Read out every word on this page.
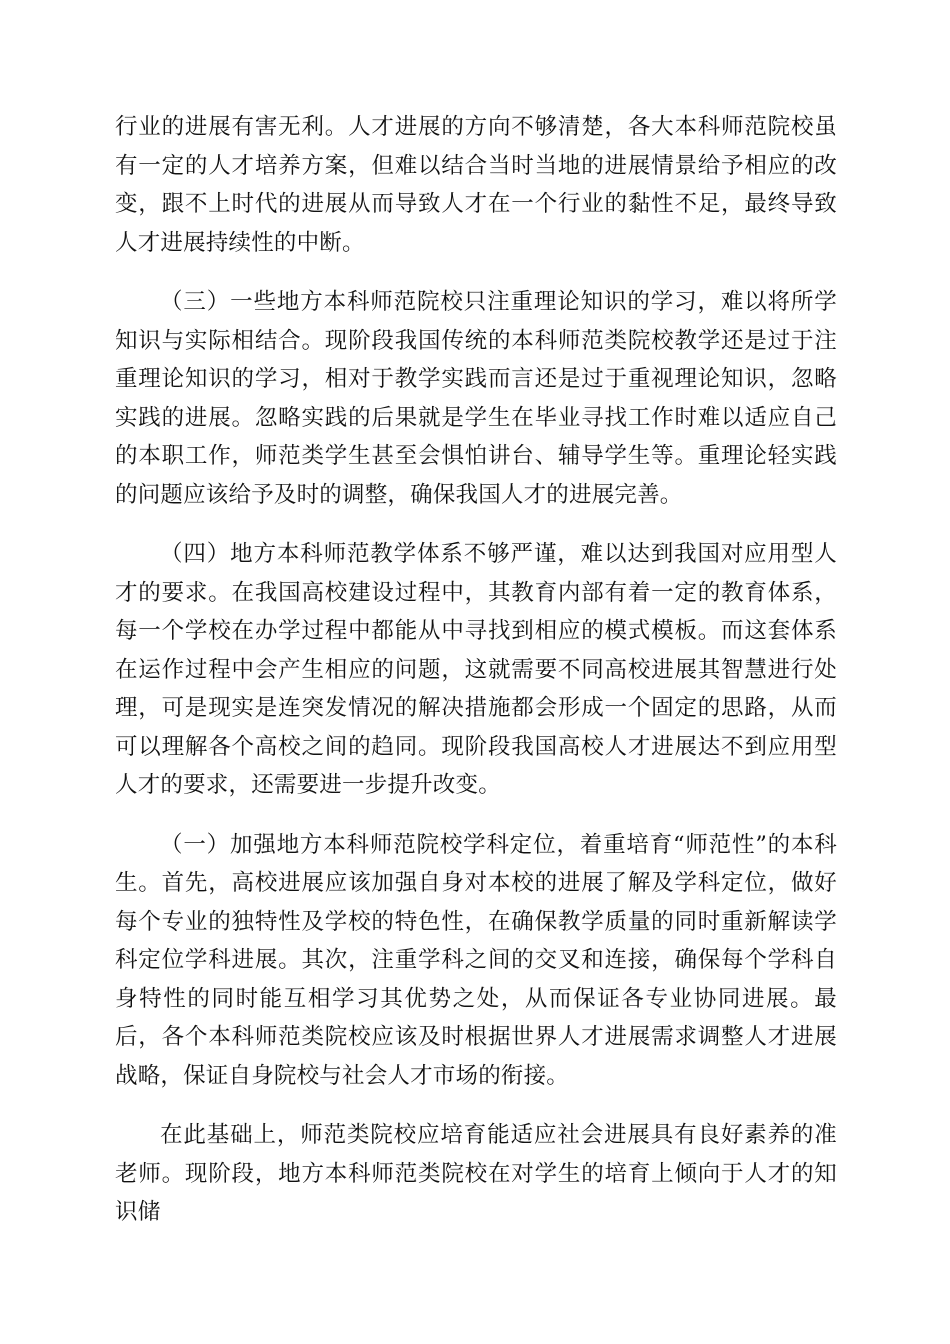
行业的进展有害无利。人才进展的方向不够清楚，各大本科师范院校虽有一定的人才培养方案，但难以结合当时当地的进展情景给予相应的改变，跟不上时代的进展从而导致人才在一个行业的黏性不足，最终导致人才进展持续性的中断。

（三）一些地方本科师范院校只注重理论知识的学习，难以将所学知识与实际相结合。现阶段我国传统的本科师范类院校教学还是过于注重理论知识的学习，相对于教学实践而言还是过于重视理论知识，忽略实践的进展。忽略实践的后果就是学生在毕业寻找工作时难以适应自己的本职工作，师范类学生甚至会惧怕讲台、辅导学生等。重理论轻实践的问题应该给予及时的调整，确保我国人才的进展完善。

（四）地方本科师范教学体系不够严谨，难以达到我国对应用型人才的要求。在我国高校建设过程中，其教育内部有着一定的教育体系，每一个学校在办学过程中都能从中寻找到相应的模式模板。而这套体系在运作过程中会产生相应的问题，这就需要不同高校进展其智慧进行处理，可是现实是连突发情况的解决措施都会形成一个固定的思路，从而可以理解各个高校之间的趋同。现阶段我国高校人才进展达不到应用型人才的要求，还需要进一步提升改变。

（一）加强地方本科师范院校学科定位，着重培育“师范性”的本科生。首先，高校进展应该加强自身对本校的进展了解及学科定位，做好每个专业的独特性及学校的特色性，在确保教学质量的同时重新解读学科定位学科进展。其次，注重学科之间的交叉和连接，确保每个学科自身特性的同时能互相学习其优势之处，从而保证各专业协同进展。最后，各个本科师范类院校应该及时根据世界人才进展需求调整人才进展战略，保证自身院校与社会人才市场的衔接。

在此基础上，师范类院校应培育能适应社会进展具有良好素养的准老师。现阶段，地方本科师范类院校在对学生的培育上倾向于人才的知识储
